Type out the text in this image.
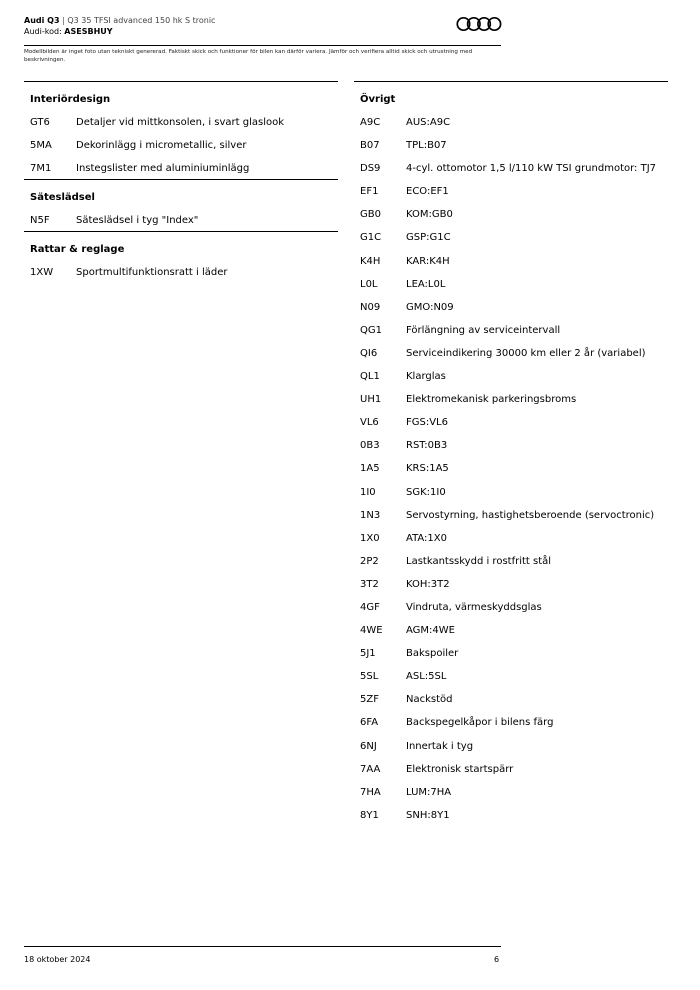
Audi Q3 | Q3 35 TFSI advanced 150 hk S tronic
Audi-kod: ASESBHUY
Modellbilden är inget foto utan tekniskt genererad. Faktiskt skick och funktioner för bilen kan därför variera. Jämför och verifiera alltid skick och utrustning med beskrivningen.
Interiördesign
GT6	Detaljer vid mittkonsolen, i svart glaslook
5MA	Dekorinlägg i micrometallic, silver
7M1	Instegslister med aluminiuminlägg
Säteslädsel
N5F	Säteslädsel i tyg "Index"
Rattar & reglage
1XW	Sportmultifunktionsratt i läder
Övrigt
A9C	AUS:A9C
B07	TPL:B07
DS9	4-cyl. ottomotor 1,5 l/110 kW TSI grundmotor: TJ7
EF1	ECO:EF1
GB0	KOM:GB0
G1C	GSP:G1C
K4H	KAR:K4H
L0L	LEA:L0L
N09	GMO:N09
QG1	Förlängning av serviceintervall
QI6	Serviceindikering 30000 km eller 2 år (variabel)
QL1	Klarglas
UH1	Elektromekanisk parkeringsbroms
VL6	FGS:VL6
0B3	RST:0B3
1A5	KRS:1A5
1I0	SGK:1I0
1N3	Servostyrning, hastighetsberoende (servoctronic)
1X0	ATA:1X0
2P2	Lastkantsskydd i rostfritt stål
3T2	KOH:3T2
4GF	Vindruta, värmeskyddsglas
4WE	AGM:4WE
5J1	Bakspoiler
5SL	ASL:5SL
5ZF	Nackstöd
6FA	Backspegelkåpor i bilens färg
6NJ	Innertak i tyg
7AA	Elektronisk startspärr
7HA	LUM:7HA
8Y1	SNH:8Y1
18 oktober 2024	6
